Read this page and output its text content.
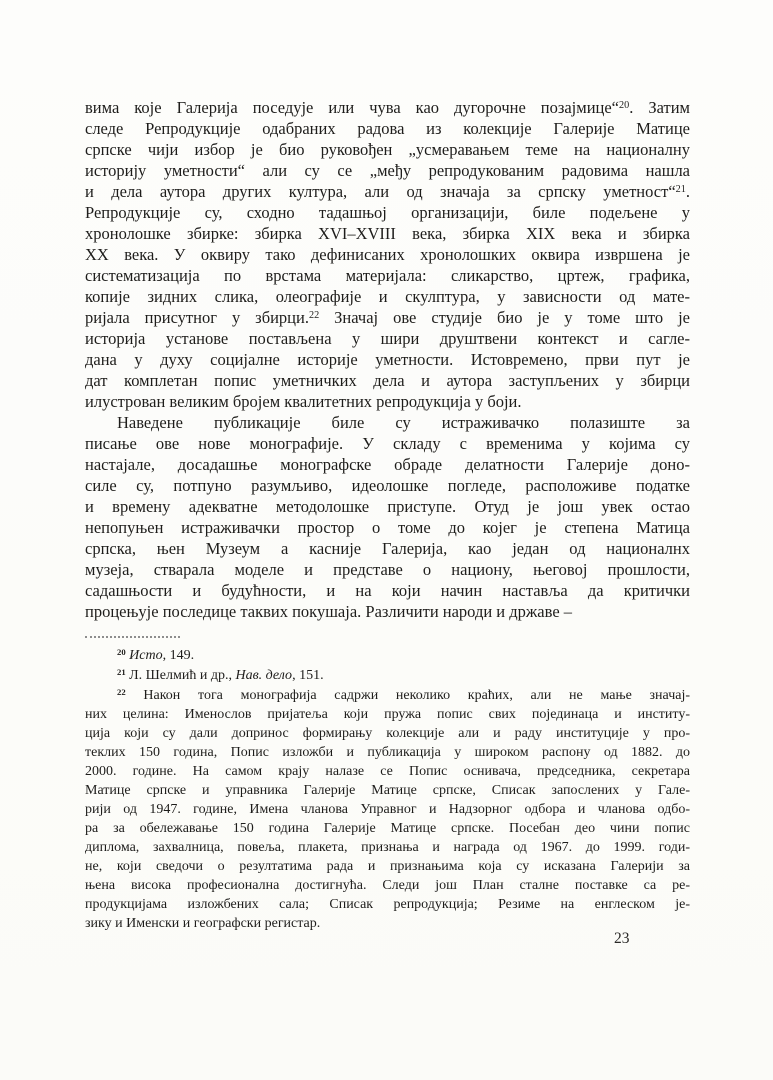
вима које Галерија поседује или чува као дугорочне позајмице“$^{20}$. Затим
следе Репродукције одабраних радова из колекције Галерије Матице
српске чији избор је био руковођен „усмеравањем теме на националну
историју уметности“ али су се „међу репродукованим радовима нашла
и дела аутора других култура, али од значаја за српску уметност“$^{21}$.
Репродукције су, сходно тадашњој организацији, биле подељене у
хронолошке збирке: збирка XVI–XVIII века, збирка XIX века и збирка
XX века. У оквиру тако дефинисаних хронолошких оквира извршена је
систематизација по врстама материјала: сликарство, цртеж, графика,
копије зидних слика, олеографије и скулптура, у зависности од мате-
ријала присутног у збирци.$^{22}$ Значај ове студије био је у томе што је
историја установе постављена у шири друштвени контекст и сагле-
дана у духу социјалне историје уметности. Истовремено, први пут је
дат комплетан попис уметничких дела и аутора заступљених у збирци
илустрован великим бројем квалитетних репродукција у боји.
Наведене публикације биле су истраживачко полазиште за
писање ове нове монографије. У складу с временима у којима су
настајале, досадашње монографске обраде делатности Галерије доно-
силе су, потпуно разумљиво, идеолошке погледе, расположиве податке
и времену адекватне методолошке приступе. Отуд је још увек остао
непопуњен истраживачки простор о томе до којег је степена Матица
српска, њен Музеум а касније Галерија, као један од националнх
музеја, стварала моделе и представе о национу, његовој прошлости,
садашњости и будућности, и на који начин наставља да критички
процењује последице таквих покушаја. Различити народи и државе –
$^{20}$ Исто, 149.
$^{21}$ Л. Шелмић и др., Нав. дело, 151.
$^{22}$ Након тога монографија садржи неколико краћих, али не мање значај-
них целина: Именослов пријатеља који пружа попис свих појединаца и институ-
ција који су дали допринос формирању колекције али и раду институције у про-
теклих 150 година, Попис изложби и публикација у широком распону од 1882. до
2000. године. На самом крају налазе се Попис оснивача, председника, секретара
Матице српске и управника Галерије Матице српске, Списак запослених у Гале-
рији од 1947. године, Имена чланова Управног и Надзорног одбора и чланова одбо-
ра за обележавање 150 година Галерије Матице српске. Посебан део чини попис
диплома, захвалница, повеља, плакета, признања и награда од 1967. до 1999. годи-
не, који сведочи о резултатима рада и признањима која су исказана Галерији за
њена висока професионална достигнућа. Следи још План сталне поставке са ре-
продукцијама изложбених сала; Списак репродукција; Резиме на енглеском је-
зику и Именски и географски регистар.
23
